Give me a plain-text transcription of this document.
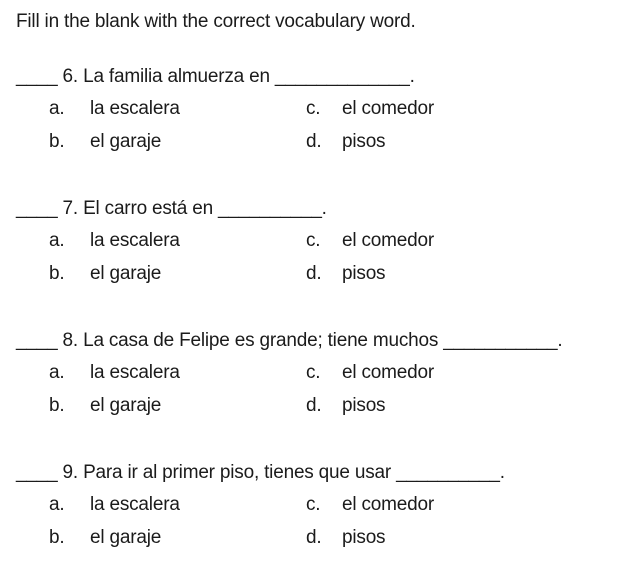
Fill in the blank with the correct vocabulary word.
____ 6. La familia almuerza en _____________.
a.	la escalera	c.	el comedor
b.	el garaje	d.	pisos
____ 7. El carro está en __________.
a.	la escalera	c.	el comedor
b.	el garaje	d.	pisos
____ 8. La casa de Felipe es grande; tiene muchos ___________.
a.	la escalera	c.	el comedor
b.	el garaje	d.	pisos
____ 9. Para ir al primer piso, tienes que usar __________.
a.	la escalera	c.	el comedor
b.	el garaje	d.	pisos
